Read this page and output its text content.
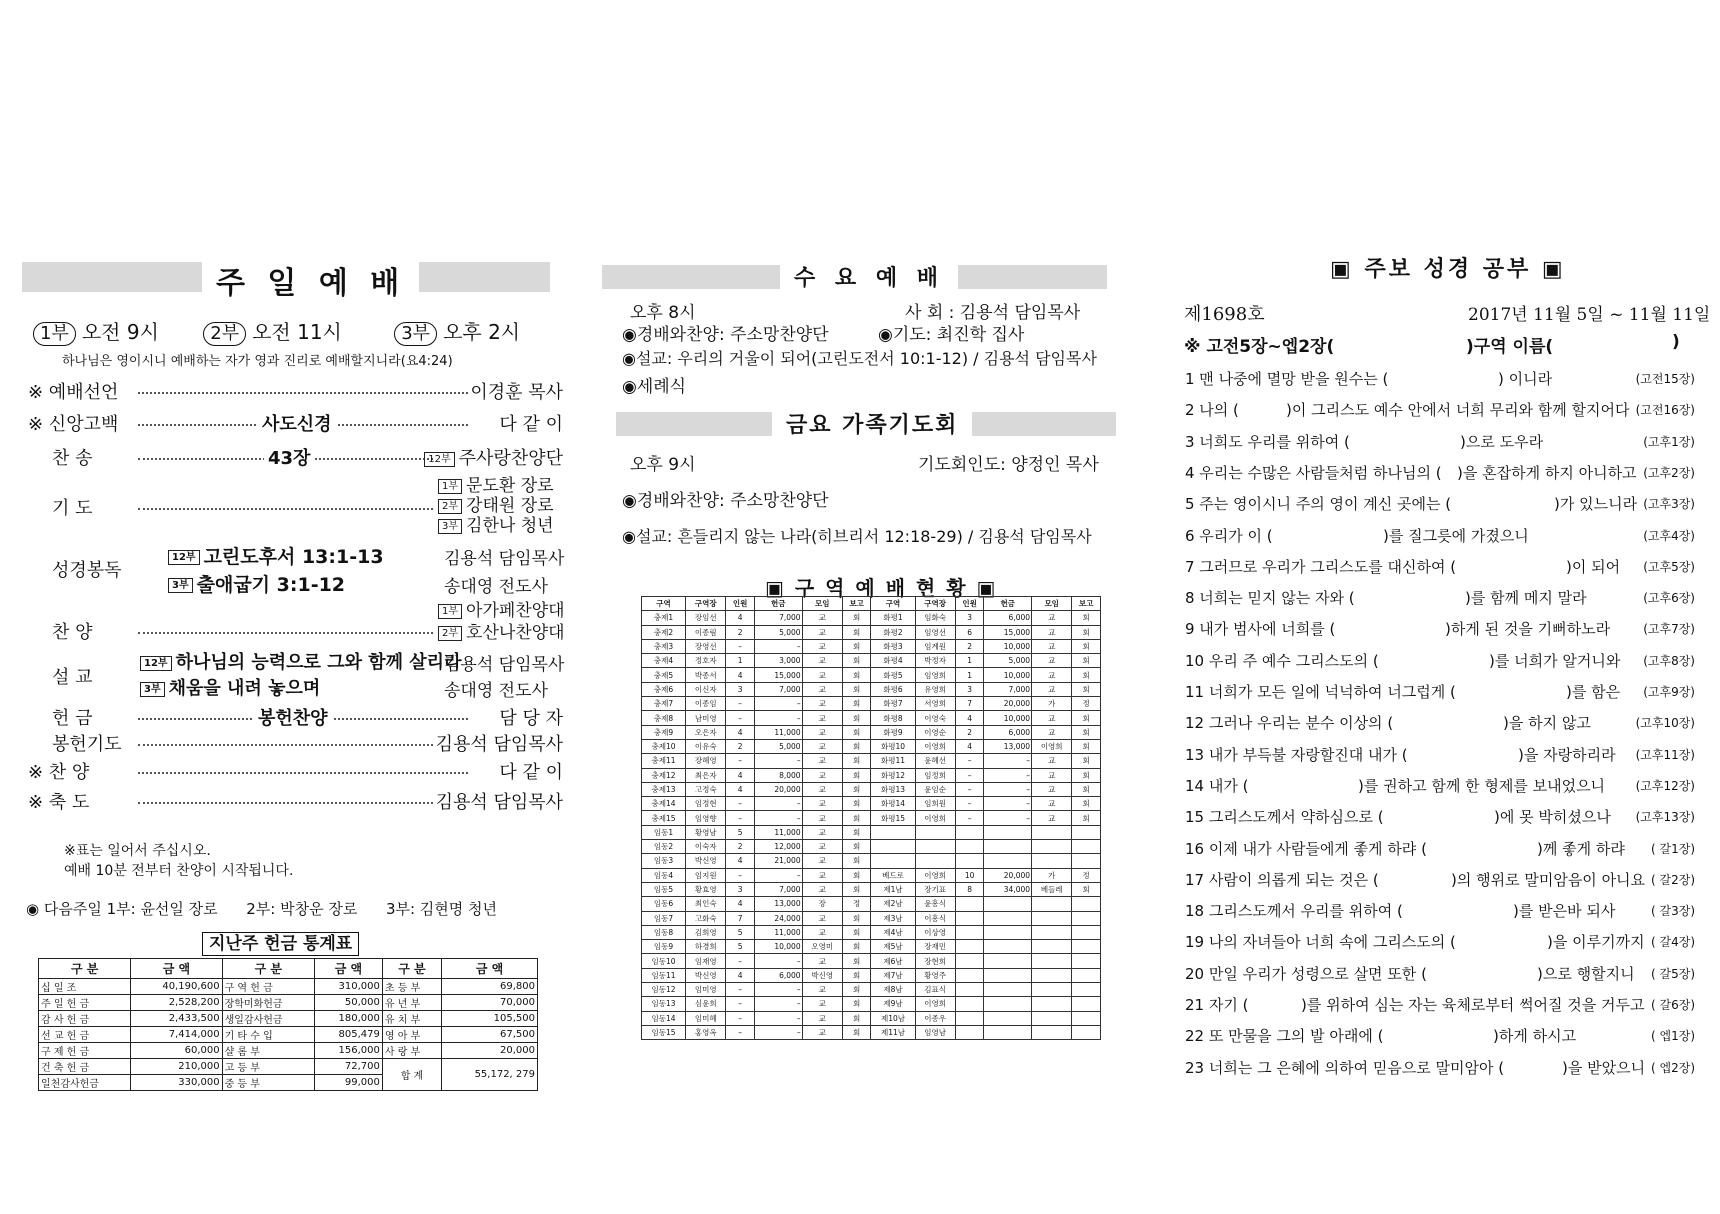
주 일 예 배
1부 오전 9시	2부 오전 11시	3부 오후 2시
하나님은 영이시니 예배하는 자가 영과 진리로 예배할지니라(요4:24)
※ 예배선언	이경훈 목사
※ 신앙고백	사도신경	다 같 이
찬 송	43장	12부 주사랑찬양단
기 도
1부 문도환 장로
2부 강태원 장로
3부 김한나 청년
성경봉독
12부 고린도후서 13:1-13	김용석 담임목사
3부 출애굽기 3:1-12	송대영 전도사
찬 양
1부 아가페찬양대
2부 호산나찬양대
설 교
12부 하나님의 능력으로 그와 함께 살리라
김용석 담임목사
3부 채움을 내려 놓으며	송대영 전도사
헌 금	봉헌찬양	담 당 자
봉헌기도	김용석 담임목사
※ 찬 양	다 같 이
※ 축 도	김용석 담임목사
※표는 일어서 주십시오.
예배 10분 전부터 찬양이 시작됩니다.
◉ 다음주일 1부: 윤선일 장로      2부: 박창운 장로      3부: 김현명 청년
지난주 헌금 통계표
구 분	금 액	구 분	금 액	구 분	금 액
십 일 조	40,190,600	구 역 헌 금	310,000	초 등 부	69,800
주 일 헌 금	2,528,200	장학미화헌금	50,000	유 년 부	70,000
감 사 헌 금	2,433,500	생일감사헌금	180,000	유 치 부	105,500
선 교 헌 금	7,414,000	기 타 수 입	805,479	영 아 부	67,500
구 제 헌 금	60,000	샬 롬 부	156,000	사 랑 부	20,000
건 축 헌 금	210,000	고 등 부	72,700	합 계	55,172, 279
일천감사헌금	330,000	중 등 부	99,000		
수 요 예 배
오후 8시	사 회 : 김용석 담임목사
◉경배와찬양: 주소망찬양단	◉기도: 최진학 집사
◉설교: 우리의 거울이 되어(고린도전서 10:1-12) / 김용석 담임목사
◉세례식
금요 가족기도회
오후 9시	기도회인도: 양정인 목사
◉경배와찬양: 주소망찬양단
◉설교: 흔들리지 않는 나라(히브리서 12:18-29) / 김용석 담임목사
▣ 구 역 예 배 현 황 ▣
구역	구역장	인원	헌금	모임	보고	구역	구역장	인원	헌금	모임	보고
충제1	장임선	4	7,000	교	회	화평1	임화숙	3	6,000	교	회
충제2	이종림	2	5,000	교	회	화평2	임영선	6	15,000	교	회
충제3	장영선	–	–	교	회	화평3	임계원	2	10,000	교	회
충제4	정호자	1	3,000	교	회	화평4	박정자	1	5,000	교	회
충제5	박종서	4	15,000	교	회	화평5	임영희	1	10,000	교	회
충제6	이신자	3	7,000	교	회	화평6	유영희	3	7,000	교	회
충제7	이종임	–	–	교	회	화평7	서영희	7	20,000	가	정
충제8	남미영	–	–	교	회	화평8	이영숙	4	10,000	교	회
충제9	오은자	4	11,000	교	회	화평9	이영순	2	6,000	교	회
충제10	이유숙	2	5,000	교	회	화평10	이영희	4	13,000	이영희	회
충제11	장혜영	–	–	교	회	화평11	윤혜선	–	–	교	회
충제12	최은자	4	8,000	교	회	화평12	임정희	–	–	교	회
충제13	고정숙	4	20,000	교	회	화평13	윤임순	–	–	교	회
충제14	임정현	–	–	교	회	화평14	임희원	–	–	교	회
충제15	임영향	–	–	교	회	화평15	이영희	–	–	교	회
임동1	황영남	5	11,000	교	회						
임동2	이숙자	2	12,000	교	회						
임동3	박신영	4	21,000	교	회						
임동4	임지원	–	–	교	회	베드로	이영희	10	20,000	가	정
임동5	황효영	3	7,000	교	회	제1남	장기표	8	34,000	베들레	회
임동6	최인숙	4	13,000	장	정	제2남	윤흥식				
임동7	고화숙	7	24,000	교	회	제3남	이흥식				
임동8	김희영	5	11,000	교	회	제4남	이상영				
임동9	하경희	5	10,000	오영미	회	제5남	장재민				
임동10	임재영	–	–	교	회	제6남	장현희				
임동11	박신영	4	6,000	박신영	회	제7남	황영주				
임동12	임미영	–	–	교	회	제8남	김표식				
임동13	심윤희	–	–	교	회	제9남	이영희				
임동14	임미혜	–	–	교	회	제10남	이종우				
임동15	홍영옥	–	–	교	회	제11남	임영남				
▣ 주보 성경 공부 ▣
제1698호	2017년 11월 5일 ~ 11월 11일
※ 고전5장~엡2장(	)구역 이름(	)
1 맨 나중에 멸망 받을 원수는 (	) 이니라	(고전15장)
2 나의 (	)이 그리스도 예수 안에서 너희 무리와 함께 할지어다 (고전16장)
3 너희도 우리를 위하여 (	)으로 도우라	(고후1장)
4 우리는 수많은 사람들처럼 하나님의 ( )을 혼잡하게 하지 아니하고 (고후2장)
5 주는 영이시니 주의 영이 계신 곳에는 (	)가 있느니라 (고후3장)
6 우리가 이 (	)를 질그릇에 가졌으니	(고후4장)
7 그러므로 우리가 그리스도를 대신하여 (	)이 되어 (고후5장)
8 너희는 믿지 않는 자와 (	)를 함께 메지 말라	(고후6장)
9 내가 범사에 너희를 (	)하게 된 것을 기뻐하노라	(고후7장)
10 우리 주 예수 그리스도의 (	)를 너희가 알거니와 (고후8장)
11 너희가 모든 일에 넉넉하여 너그럽게 (	)를 함은 (고후9장)
12 그러나 우리는 분수 이상의 (	)을 하지 않고	(고후10장)
13 내가 부득불 자랑할진대 내가 (	)을 자랑하리라 (고후11장)
14 내가 (	)를 권하고 함께 한 형제를 보내었으니	(고후12장)
15 그리스도께서 약하심으로 (	)에 못 박히셨으나 (고후13장)
16 이제 내가 사람들에게 좋게 하랴 (	)께 좋게 하랴 ( 갈1장)
17 사람이 의롭게 되는 것은 (	)의 행위로 말미암음이 아니요 ( 갈2장)
18 그리스도께서 우리를 위하여 (	)를 받은바 되사	( 갈3장)
19 나의 자녀들아 너희 속에 그리스도의 (	)을 이루기까지 ( 갈4장)
20 만일 우리가 성령으로 살면 또한 (	)으로 행할지니 ( 갈5장)
21 자기 (	)를 위하여 심는 자는 육체로부터 썩어질 것을 거두고 ( 갈6장)
22 또 만물을 그의 발 아래에 (	)하게 하시고	( 엡1장)
23 너희는 그 은혜에 의하여 믿음으로 말미암아 (	)을 받았으니 ( 엡2장)
